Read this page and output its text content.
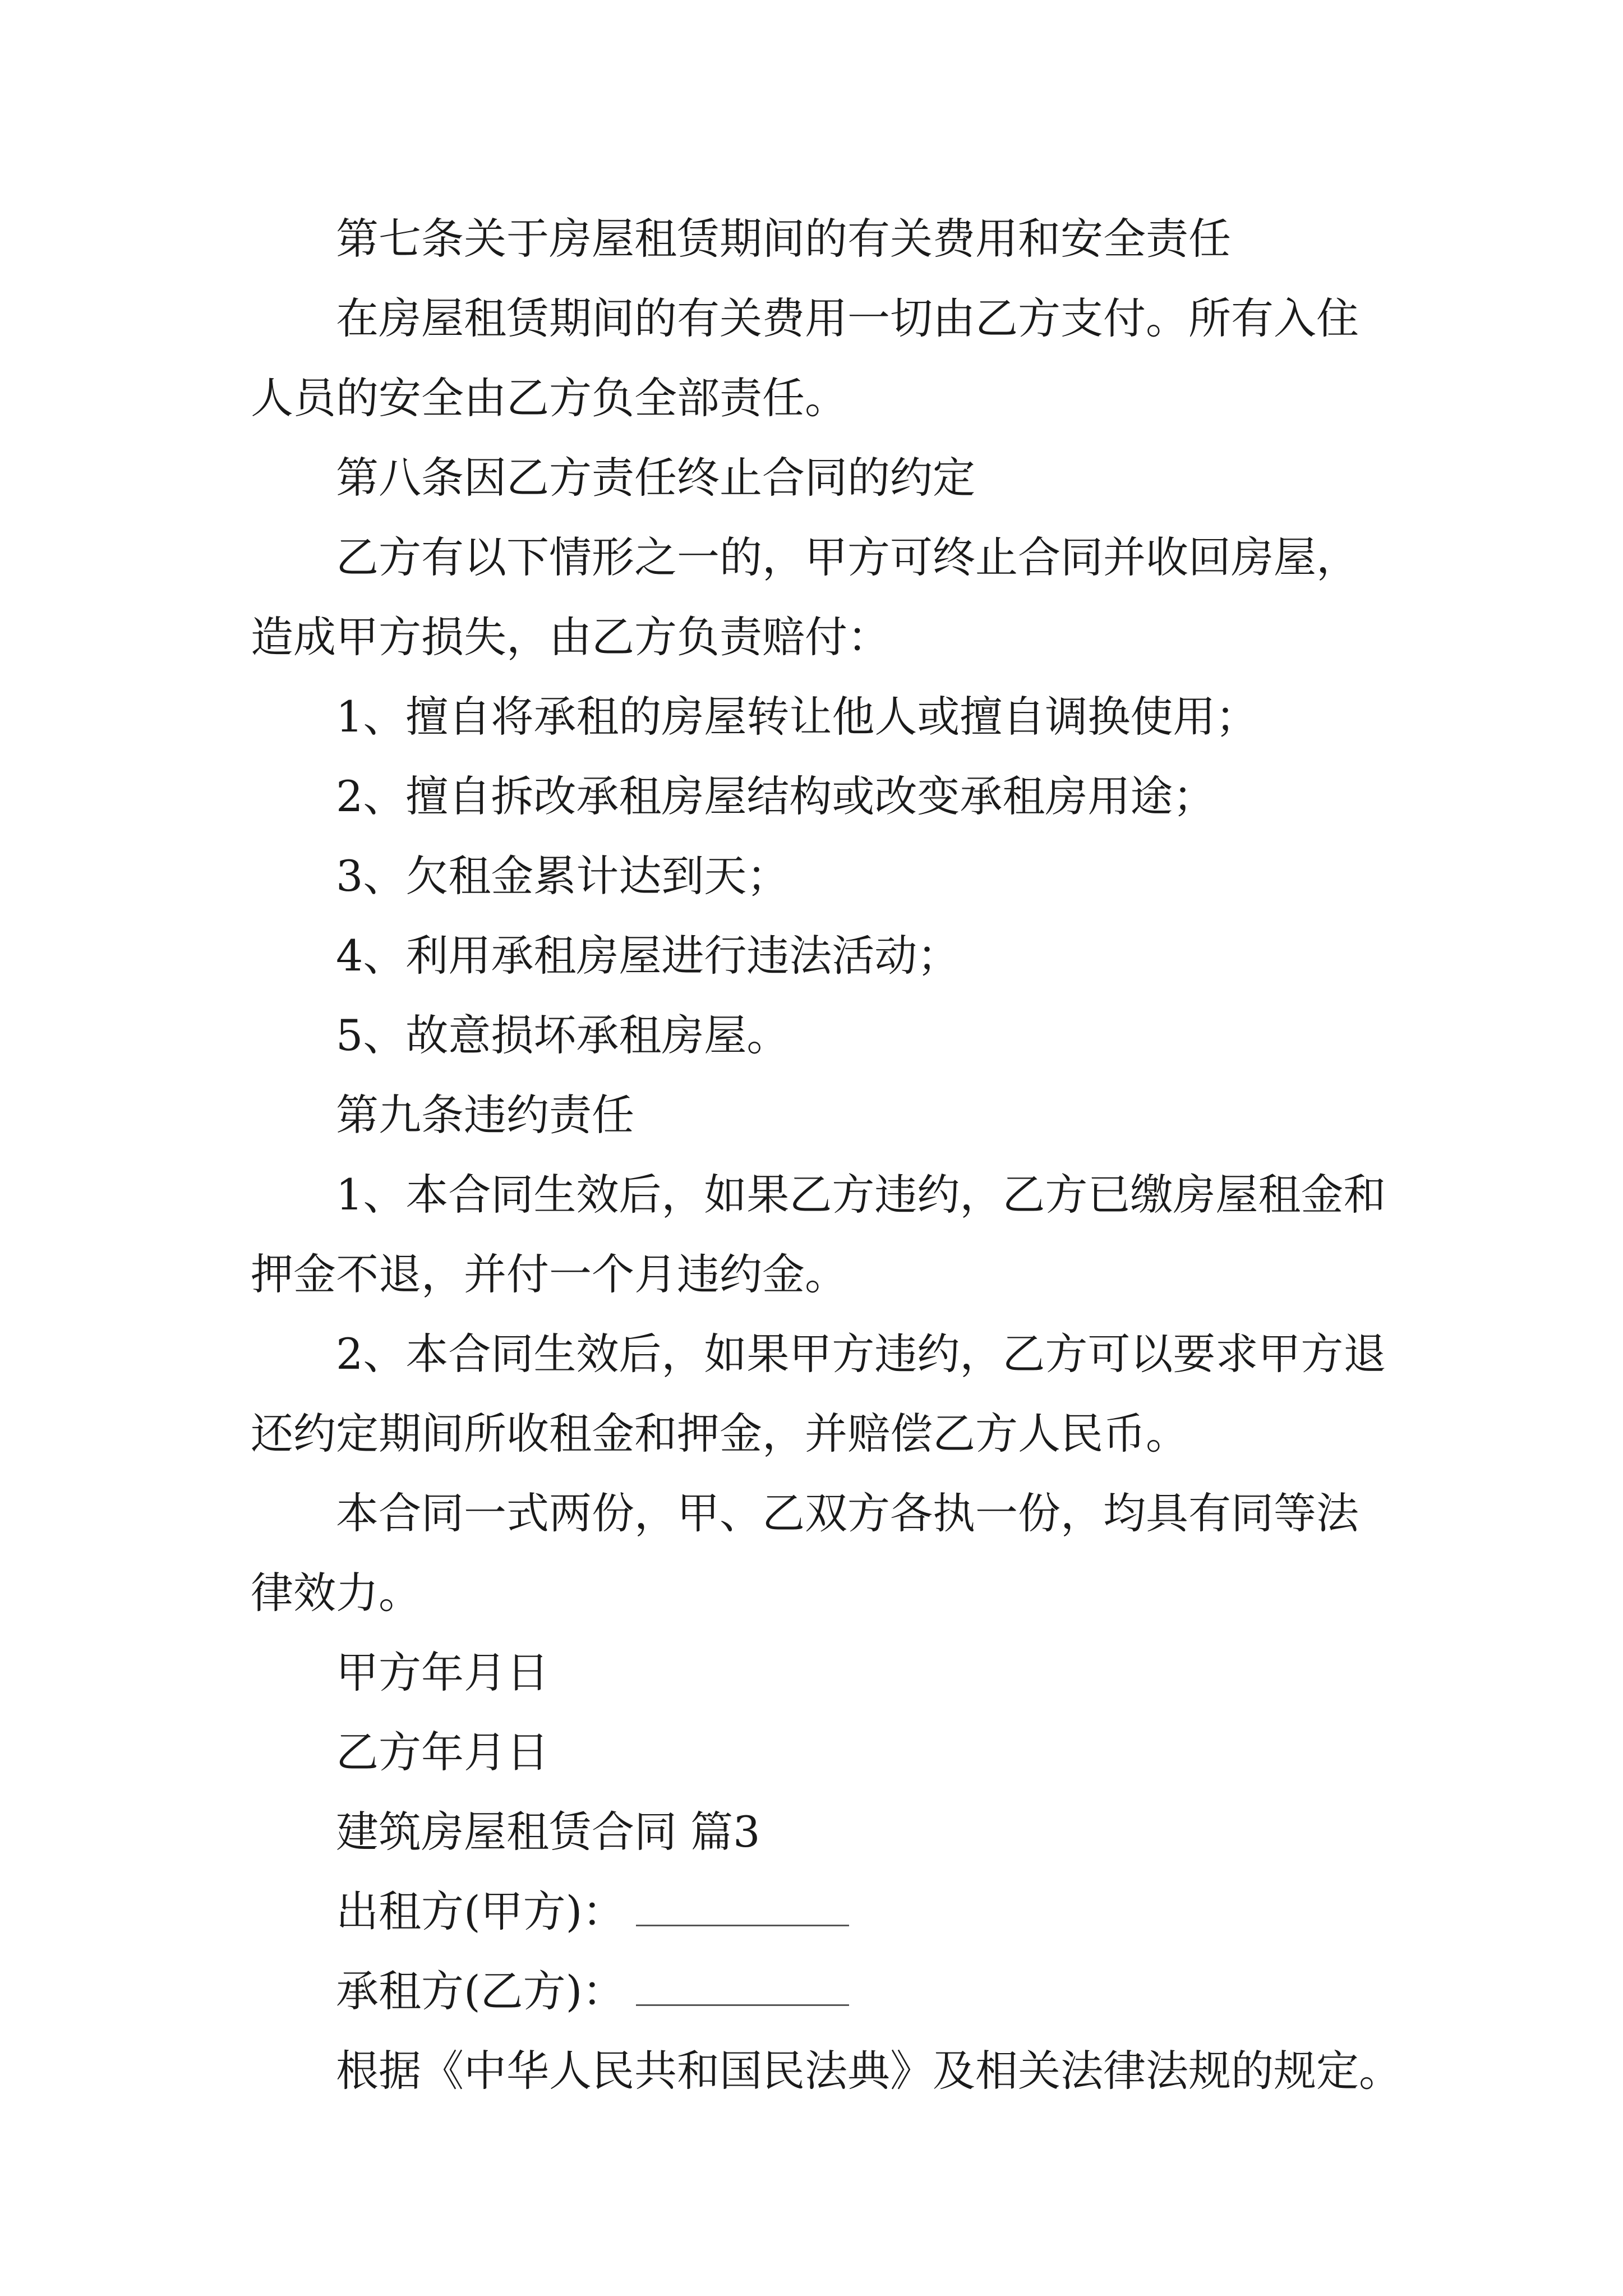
第七条关于房屋租赁期间的有关费用和安全责任

在房屋租赁期间的有关费用一切由乙方支付。所有入住人员的安全由乙方负全部责任。

第八条因乙方责任终止合同的约定

乙方有以下情形之一的，甲方可终止合同并收回房屋，造成甲方损失，由乙方负责赔付：

1、擅自将承租的房屋转让他人或擅自调换使用；

2、擅自拆改承租房屋结构或改变承租房用途；

3、欠租金累计达到天；

4、利用承租房屋进行违法活动；

5、故意损坏承租房屋。

第九条违约责任

1、本合同生效后，如果乙方违约，乙方已缴房屋租金和押金不退，并付一个月违约金。

2、本合同生效后，如果甲方违约，乙方可以要求甲方退还约定期间所收租金和押金，并赔偿乙方人民币。

本合同一式两份，甲、乙双方各执一份，均具有同等法律效力。

甲方年月日

乙方年月日

建筑房屋租赁合同 篇3

出租方(甲方)：

承租方(乙方)：

根据《中华人民共和国民法典》及相关法律法规的规定。
